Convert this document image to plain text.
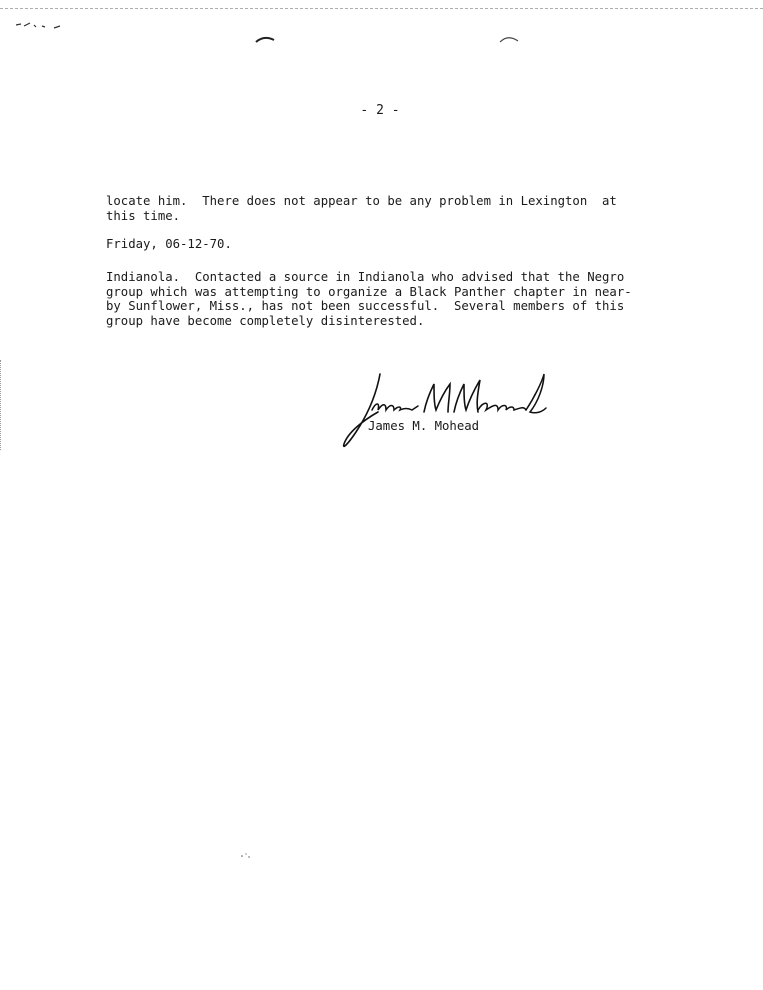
- 2 -
locate him.  There does not appear to be any problem in Lexington  at
this time.
Friday, 06-12-70.
Indianola.  Contacted a source in Indianola who advised that the Negro
group which was attempting to organize a Black Panther chapter in near-
by Sunflower, Miss., has not been successful.  Several members of this
group have become completely disinterested.
James M. Mohead
